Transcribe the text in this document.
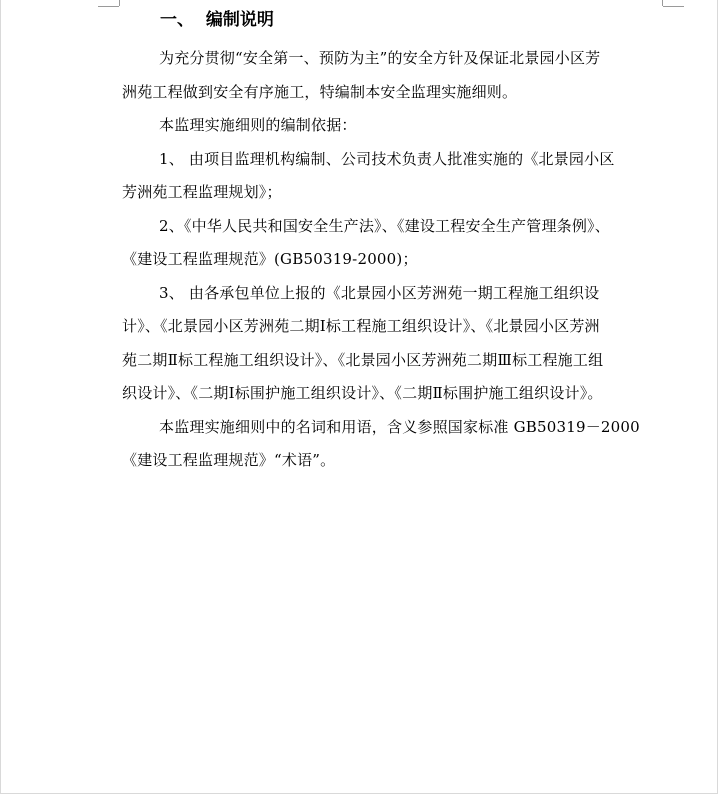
一、  编制说明

为充分贯彻“安全第一、预防为主”的安全方针及保证北景园小区芳
洲苑工程做到安全有序施工，特编制本安全监理实施细则。

本监理实施细则的编制依据：

1、 由项目监理机构编制、公司技术负责人批准实施的《北景园小区
芳洲苑工程监理规划》；

2、《中华人民共和国安全生产法》、《建设工程安全生产管理条例》、
《建设工程监理规范》(GB50319-2000)；

3、 由各承包单位上报的《北景园小区芳洲苑一期工程施工组织设
计》、《北景园小区芳洲苑二期Ⅰ标工程施工组织设计》、《北景园小区芳洲
苑二期Ⅱ标工程施工组织设计》、《北景园小区芳洲苑二期Ⅲ标工程施工组
织设计》、《二期Ⅰ标围护施工组织设计》、《二期Ⅱ标围护施工组织设计》。

本监理实施细则中的名词和用语，含义参照国家标准 GB50319－2000
《建设工程监理规范》“术语”。
